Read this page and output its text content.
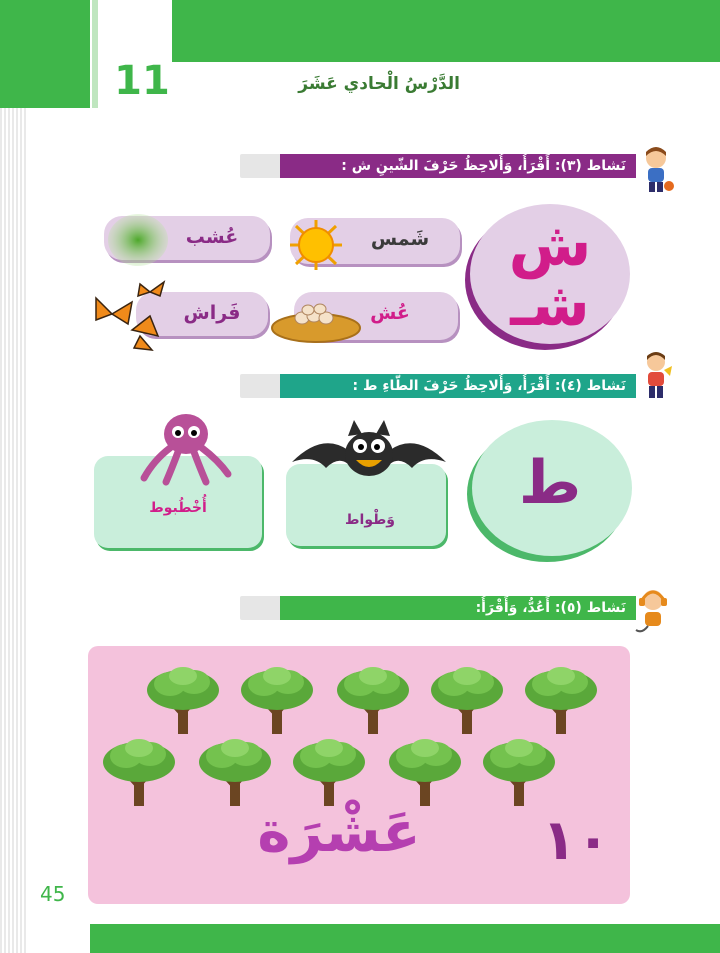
11	الدَّرْسُ الْحادي عَشَرَ
نَشاط (٣): أَقْرَأُ، وَأُلاحِظُ حَرْفَ الشّينِ ش :
ش
شـ
شَمس
عُشب
عُش
فَراش
نَشاط (٤): أَقْرَأُ، وَأُلاحِظُ حَرْفَ الطّاءِ ط :
ط
وَطْواط
أُخْطُبوط
نَشاط (٥): أَعُدُّ، وَأَقْرَأُ:
١٠
عَشْرَة
45
